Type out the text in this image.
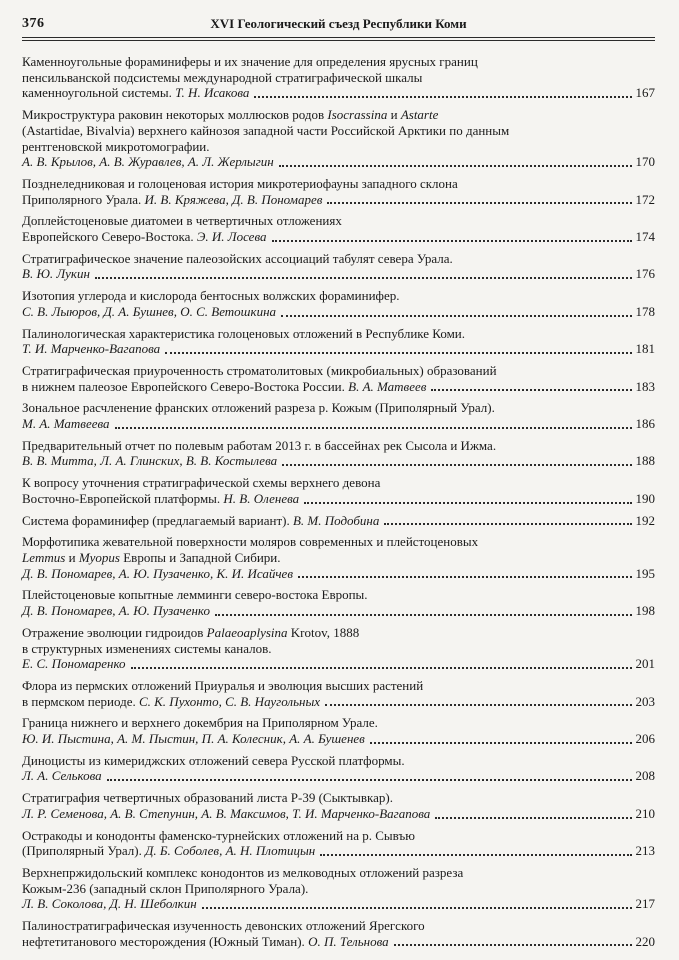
376	XVI Геологический съезд Республики Коми
Каменноугольные фораминиферы и их значение для определения ярусных границ
пенсильванской подсистемы международной стратиграфической шкалы
каменноугольной системы. Т. Н. Исакова	167
Микроструктура раковин некоторых моллюсков родов Isocrassina и Astarte
(Astartidae, Bivalvia) верхнего кайнозоя западной части Российской Арктики по данным
рентгеновской микротомографии.
А. В. Крылов, А. В. Журавлев, А. Л. Жерлыгин	170
Позднеледниковая и голоценовая история микротериофауны западного склона
Приполярного Урала. И. В. Кряжева, Д. В. Пономарев	172
Доплейстоценовые диатомеи в четвертичных отложениях
Европейского Северо-Востока. Э. И. Лосева	174
Стратиграфическое значение палеозойских ассоциаций табулят севера Урала.
В. Ю. Лукин	176
Изотопия углерода и кислорода бентосных волжских фораминифер.
С. В. Лыюров, Д. А. Бушнев, О. С. Ветошкина	178
Палинологическая характеристика голоценовых отложений в Республике Коми.
Т. И. Марченко-Вагапова	181
Стратиграфическая приуроченность строматолитовых (микробиальных) образований
в нижнем палеозое Европейского Северо-Востока России. В. А. Матвеев	183
Зональное расчленение франских отложений разреза р. Кожым (Приполярный Урал).
М. А. Матвеева	186
Предварительный отчет по полевым работам 2013 г. в бассейнах рек Сысола и Ижма.
В. В. Митта, Л. А. Глинских, В. В. Костылева	188
К вопросу уточнения стратиграфической схемы верхнего девона
Восточно-Европейской платформы. Н. В. Оленева	190
Система фораминифер (предлагаемый вариант). В. М. Подобина	192
Морфотипика жевательной поверхности моляров современных и плейстоценовых
Lemmus и Myopus Европы и Западной Сибири.
Д. В. Пономарев, А. Ю. Пузаченко, К. И. Исайчев	195
Плейстоценовые копытные лемминги северо-востока Европы.
Д. В. Пономарев, А. Ю. Пузаченко	198
Отражение эволюции гидроидов Palaeoaplysina Krotov, 1888
в структурных изменениях системы каналов.
Е. С. Пономаренко	201
Флора из пермских отложений Приуралья и эволюция высших растений
в пермском периоде. С. К. Пухонто, С. В. Наугольных	203
Граница нижнего и верхнего докембрия на Приполярном Урале.
Ю. И. Пыстина, А. М. Пыстин, П. А. Колесник, А. А. Бушенев	206
Диноцисты из кимериджских отложений севера Русской платформы.
Л. А. Селькова	208
Стратиграфия четвертичных образований листа Р-39 (Сыктывкар).
Л. Р. Семенова, А. В. Степунин, А. В. Максимов, Т. И. Марченко-Вагапова	210
Остракоды и конодонты фаменско-турнейских отложений на р. Сывъю
(Приполярный Урал). Д. Б. Соболев, А. Н. Плотицын	213
Верхнепржидольский комплекс конодонтов из мелководных отложений разреза
Кожым-236 (западный склон Приполярного Урала).
Л. В. Соколова, Д. Н. Шеболкин	217
Палиностратиграфическая изученность девонских отложений Ярегского
нефтетитанового месторождения (Южный Тиман). О. П. Тельнова	220
